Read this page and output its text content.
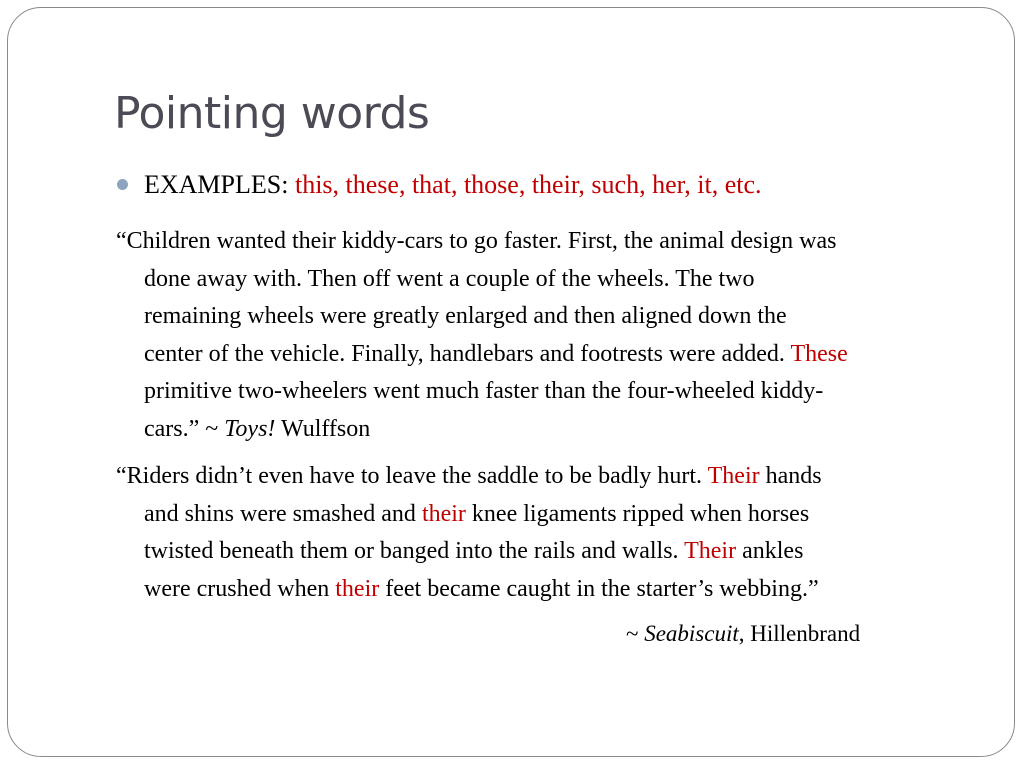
Pointing words
EXAMPLES: this, these, that, those, their, such, her, it, etc.
“Children wanted their kiddy-cars to go faster. First, the animal design was
done away with. Then off went a couple of the wheels. The two
remaining wheels were greatly enlarged and then aligned down the
center of the vehicle. Finally, handlebars and footrests were added. These
primitive two-wheelers went much faster than the four-wheeled kiddy-
cars.” ~ Toys! Wulffson
“Riders didn’t even have to leave the saddle to be badly hurt. Their hands
and shins were smashed and their knee ligaments ripped when horses
twisted beneath them or banged into the rails and walls. Their ankles
were crushed when their feet became caught in the starter’s webbing.”
~ Seabiscuit, Hillenbrand
